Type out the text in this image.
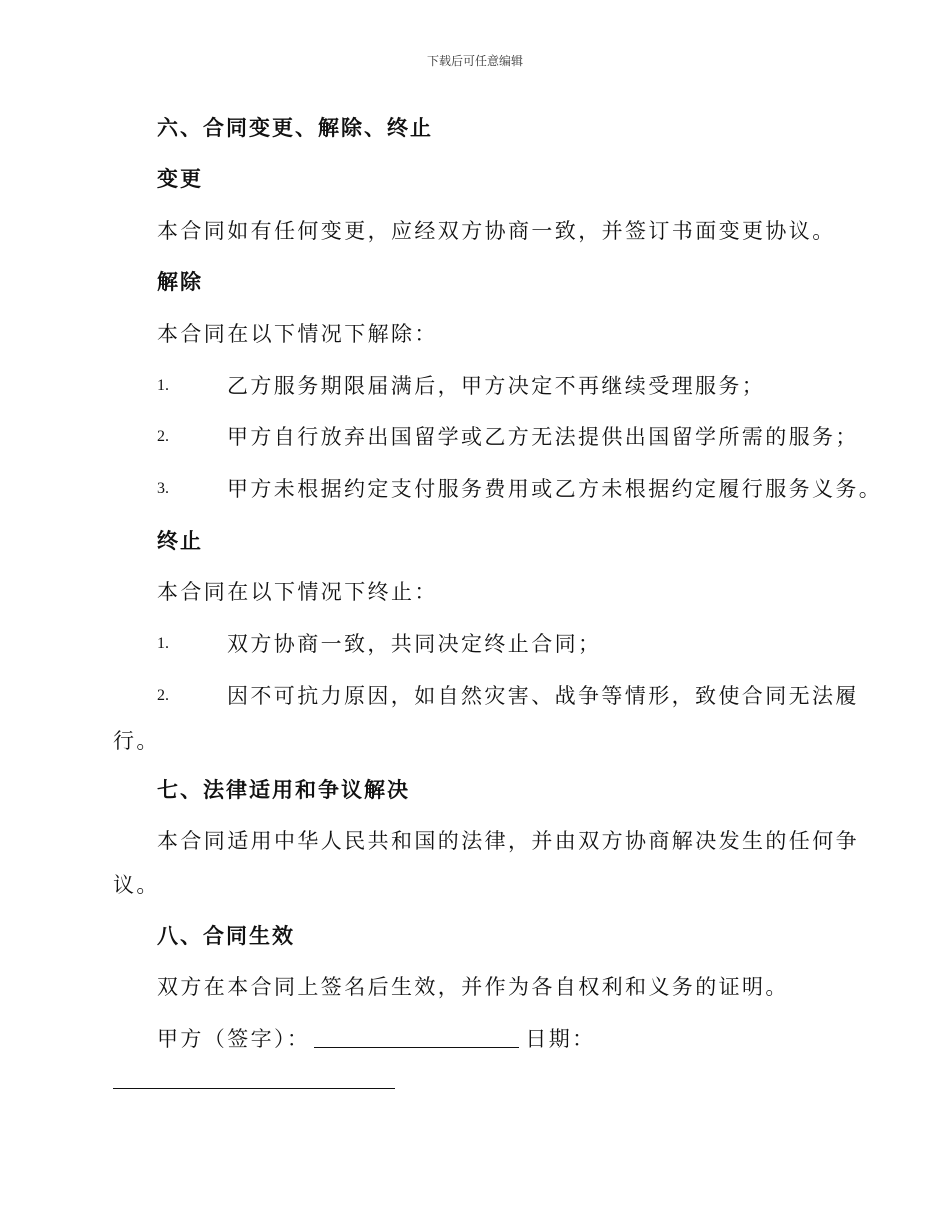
下载后可任意编辑
六、合同变更、解除、终止
变更
本合同如有任何变更，应经双方协商一致，并签订书面变更协议。
解除
本合同在以下情况下解除：
1.	乙方服务期限届满后，甲方决定不再继续受理服务；
2.	甲方自行放弃出国留学或乙方无法提供出国留学所需的服务；
3.	甲方未根据约定支付服务费用或乙方未根据约定履行服务义务。
终止
本合同在以下情况下终止：
1.	双方协商一致，共同决定终止合同；
2.	因不可抗力原因，如自然灾害、战争等情形，致使合同无法履
行。
七、法律适用和争议解决
本合同适用中华人民共和国的法律，并由双方协商解决发生的任何争
议。
八、合同生效
双方在本合同上签名后生效，并作为各自权利和义务的证明。
甲方（签字）：	日期：
